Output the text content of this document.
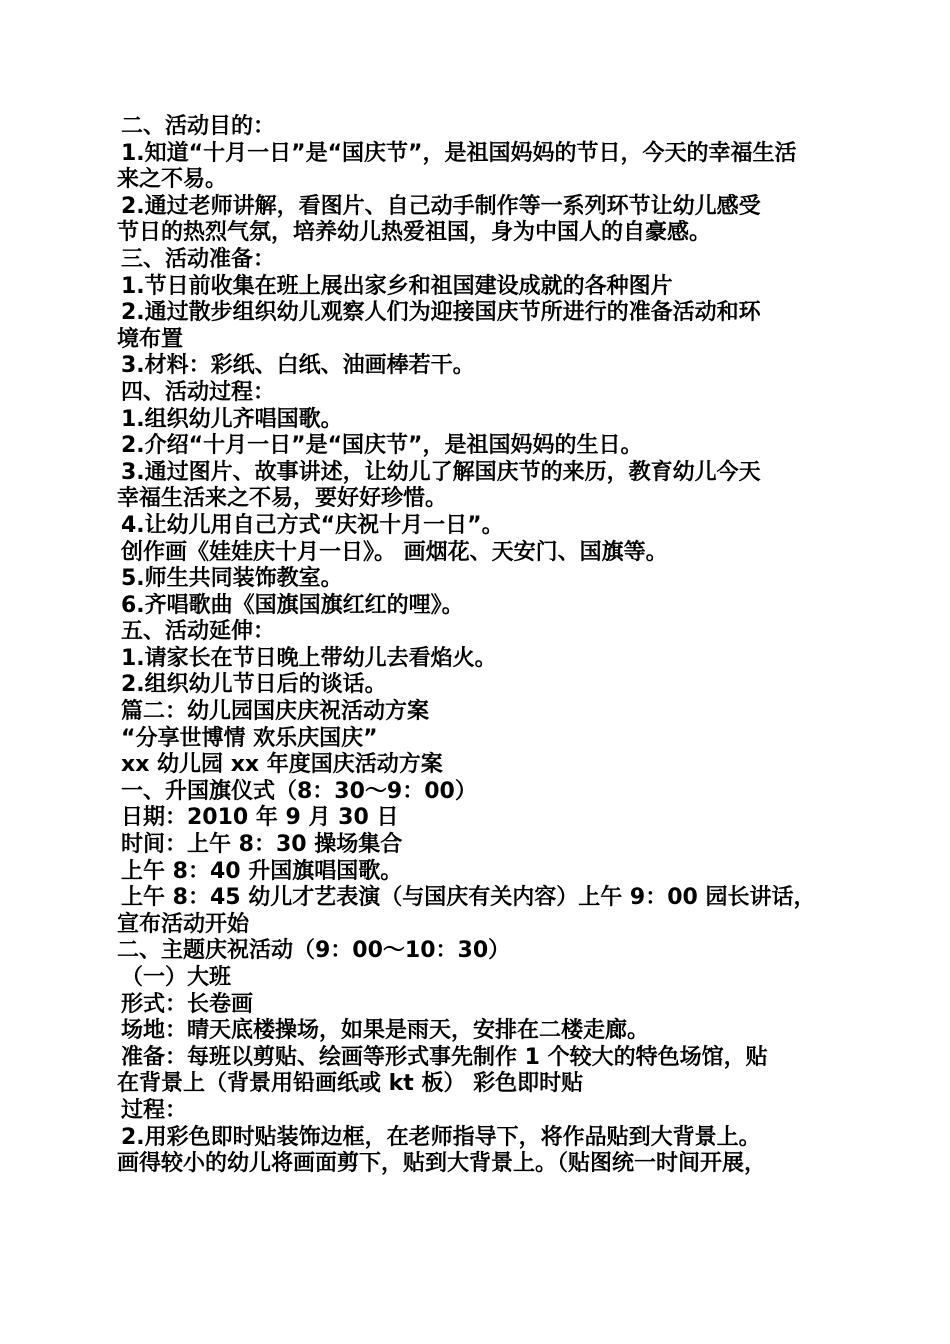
二、活动目的：

1.知道“十月一日”是“国庆节”，是祖国妈妈的节日，今天的幸福生活

来之不易。

2.通过老师讲解，看图片、自己动手制作等一系列环节让幼儿感受

节日的热烈气氛，培养幼儿热爱祖国，身为中国人的自豪感。

三、活动准备：

1.节日前收集在班上展出家乡和祖国建设成就的各种图片

2.通过散步组织幼儿观察人们为迎接国庆节所进行的准备活动和环

境布置

3.材料：彩纸、白纸、油画棒若干。

四、活动过程：

1.组织幼儿齐唱国歌。

2.介绍“十月一日”是“国庆节”，是祖国妈妈的生日。

3.通过图片、故事讲述，让幼儿了解国庆节的来历，教育幼儿今天

幸福生活来之不易，要好好珍惜。

4.让幼儿用自己方式“庆祝十月一日”。

创作画《娃娃庆十月一日》。 画烟花、天安门、国旗等。

5.师生共同装饰教室。

6.齐唱歌曲《国旗国旗红红的哩》。

五、活动延伸：

1.请家长在节日晚上带幼儿去看焰火。

2.组织幼儿节日后的谈话。

篇二：幼儿园国庆庆祝活动方案

“分享世博情 欢乐庆国庆”

xx 幼儿园 xx 年度国庆活动方案

一、升国旗仪式（8：30～9：00）

日期：2010 年 9 月 30 日

时间：上午 8：30 操场集合

上午 8：40 升国旗唱国歌。

上午 8：45 幼儿才艺表演（与国庆有关内容）上午 9：00 园长讲话，

宣布活动开始

二、主题庆祝活动（9：00～10：30）

（一）大班

形式：长卷画

场地：晴天底楼操场，如果是雨天，安排在二楼走廊。

准备：每班以剪贴、绘画等形式事先制作 1 个较大的特色场馆，贴

在背景上（背景用铅画纸或 kt 板） 彩色即时贴

过程：

2.用彩色即时贴装饰边框，在老师指导下，将作品贴到大背景上。

画得较小的幼儿将画面剪下，贴到大背景上。（贴图统一时间开展，
